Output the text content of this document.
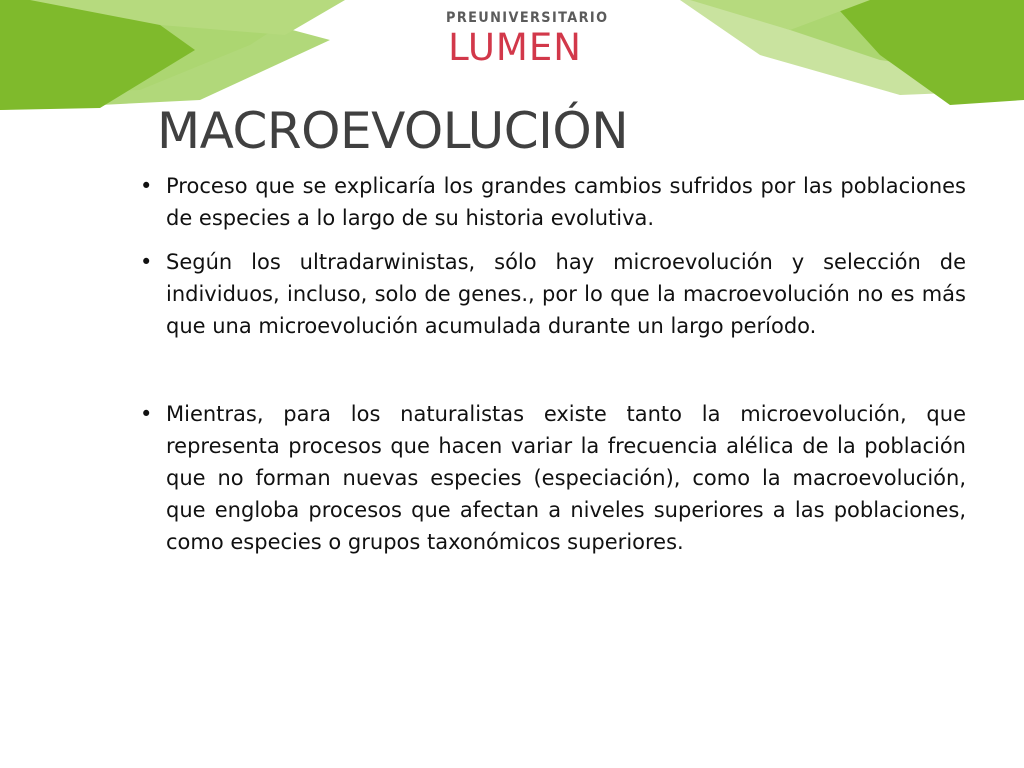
PREUNIVERSITARIO
LUMEN
MACROEVOLUCIÓN
• Proceso que se explicaría los grandes cambios sufridos por las poblaciones de especies a lo largo de su historia evolutiva.
• Según los ultradarwinistas, sólo hay microevolución y selección de individuos, incluso, solo de genes., por lo que la macroevolución no es más que una microevolución acumulada durante un largo período.
• Mientras, para los naturalistas existe tanto la microevolución, que representa procesos que hacen variar la frecuencia alélica de la población que no forman nuevas especies (especiación), como la macroevolución, que engloba procesos que afectan a niveles superiores a las poblaciones, como especies o grupos taxonómicos superiores.
